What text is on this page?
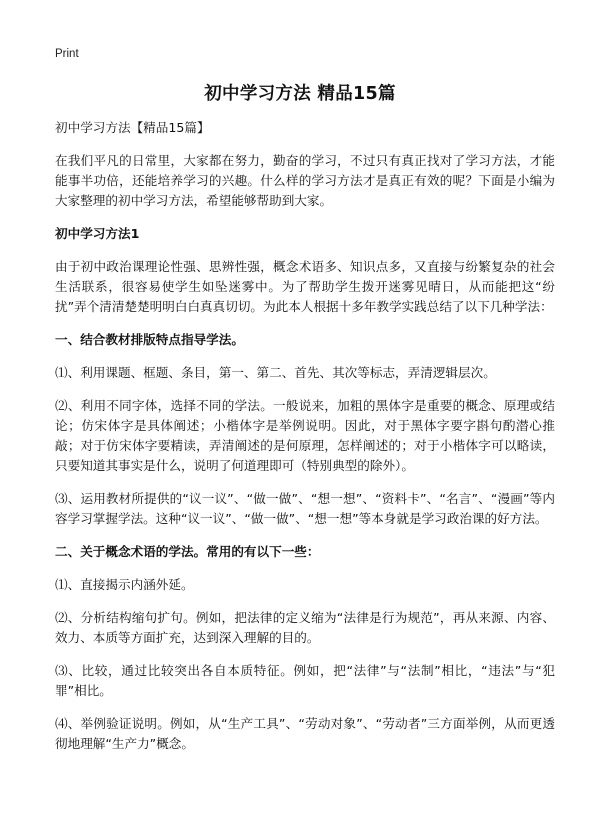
Print
初中学习方法 精品15篇

初中学习方法【精品15篇】

在我们平凡的日常里，大家都在努力，勤奋的学习，不过只有真正找对了学习方法，才能能事半功倍，还能培养学习的兴趣。什么样的学习方法才是真正有效的呢？下面是小编为大家整理的初中学习方法，希望能够帮助到大家。

初中学习方法1

由于初中政治课理论性强、思辨性强，概念术语多、知识点多，又直接与纷繁复杂的社会生活联系，很容易使学生如坠迷雾中。为了帮助学生拨开迷雾见晴日，从而能把这“纷扰”弄个清清楚楚明明白白真真切切。为此本人根据十多年教学实践总结了以下几种学法：

一、结合教材排版特点指导学法。

⑴、利用课题、框题、条目，第一、第二、首先、其次等标志，弄清逻辑层次。

⑵、利用不同字体，选择不同的学法。一般说来，加粗的黑体字是重要的概念、原理或结论；仿宋体字是具体阐述；小楷体字是举例说明。因此，对于黑体字要字斟句酌潜心推敲；对于仿宋体字要精读，弄清阐述的是何原理，怎样阐述的；对于小楷体字可以略读，只要知道其事实是什么，说明了何道理即可（特别典型的除外）。

⑶、运用教材所提供的“议一议”、“做一做”、“想一想”、“资料卡”、“名言”、“漫画”等内容学习掌握学法。这种“议一议”、“做一做”、“想一想”等本身就是学习政治课的好方法。

二、关于概念术语的学法。常用的有以下一些：

⑴、直接揭示内涵外延。

⑵、分析结构缩句扩句。例如，把法律的定义缩为“法律是行为规范”，再从来源、内容、效力、本质等方面扩充，达到深入理解的目的。

⑶、比较，通过比较突出各自本质特征。例如，把“法律”与“法制”相比，“违法”与“犯罪”相比。

⑷、举例验证说明。例如，从“生产工具”、“劳动对象”、“劳动者”三方面举例，从而更透彻地理解“生产力”概念。
